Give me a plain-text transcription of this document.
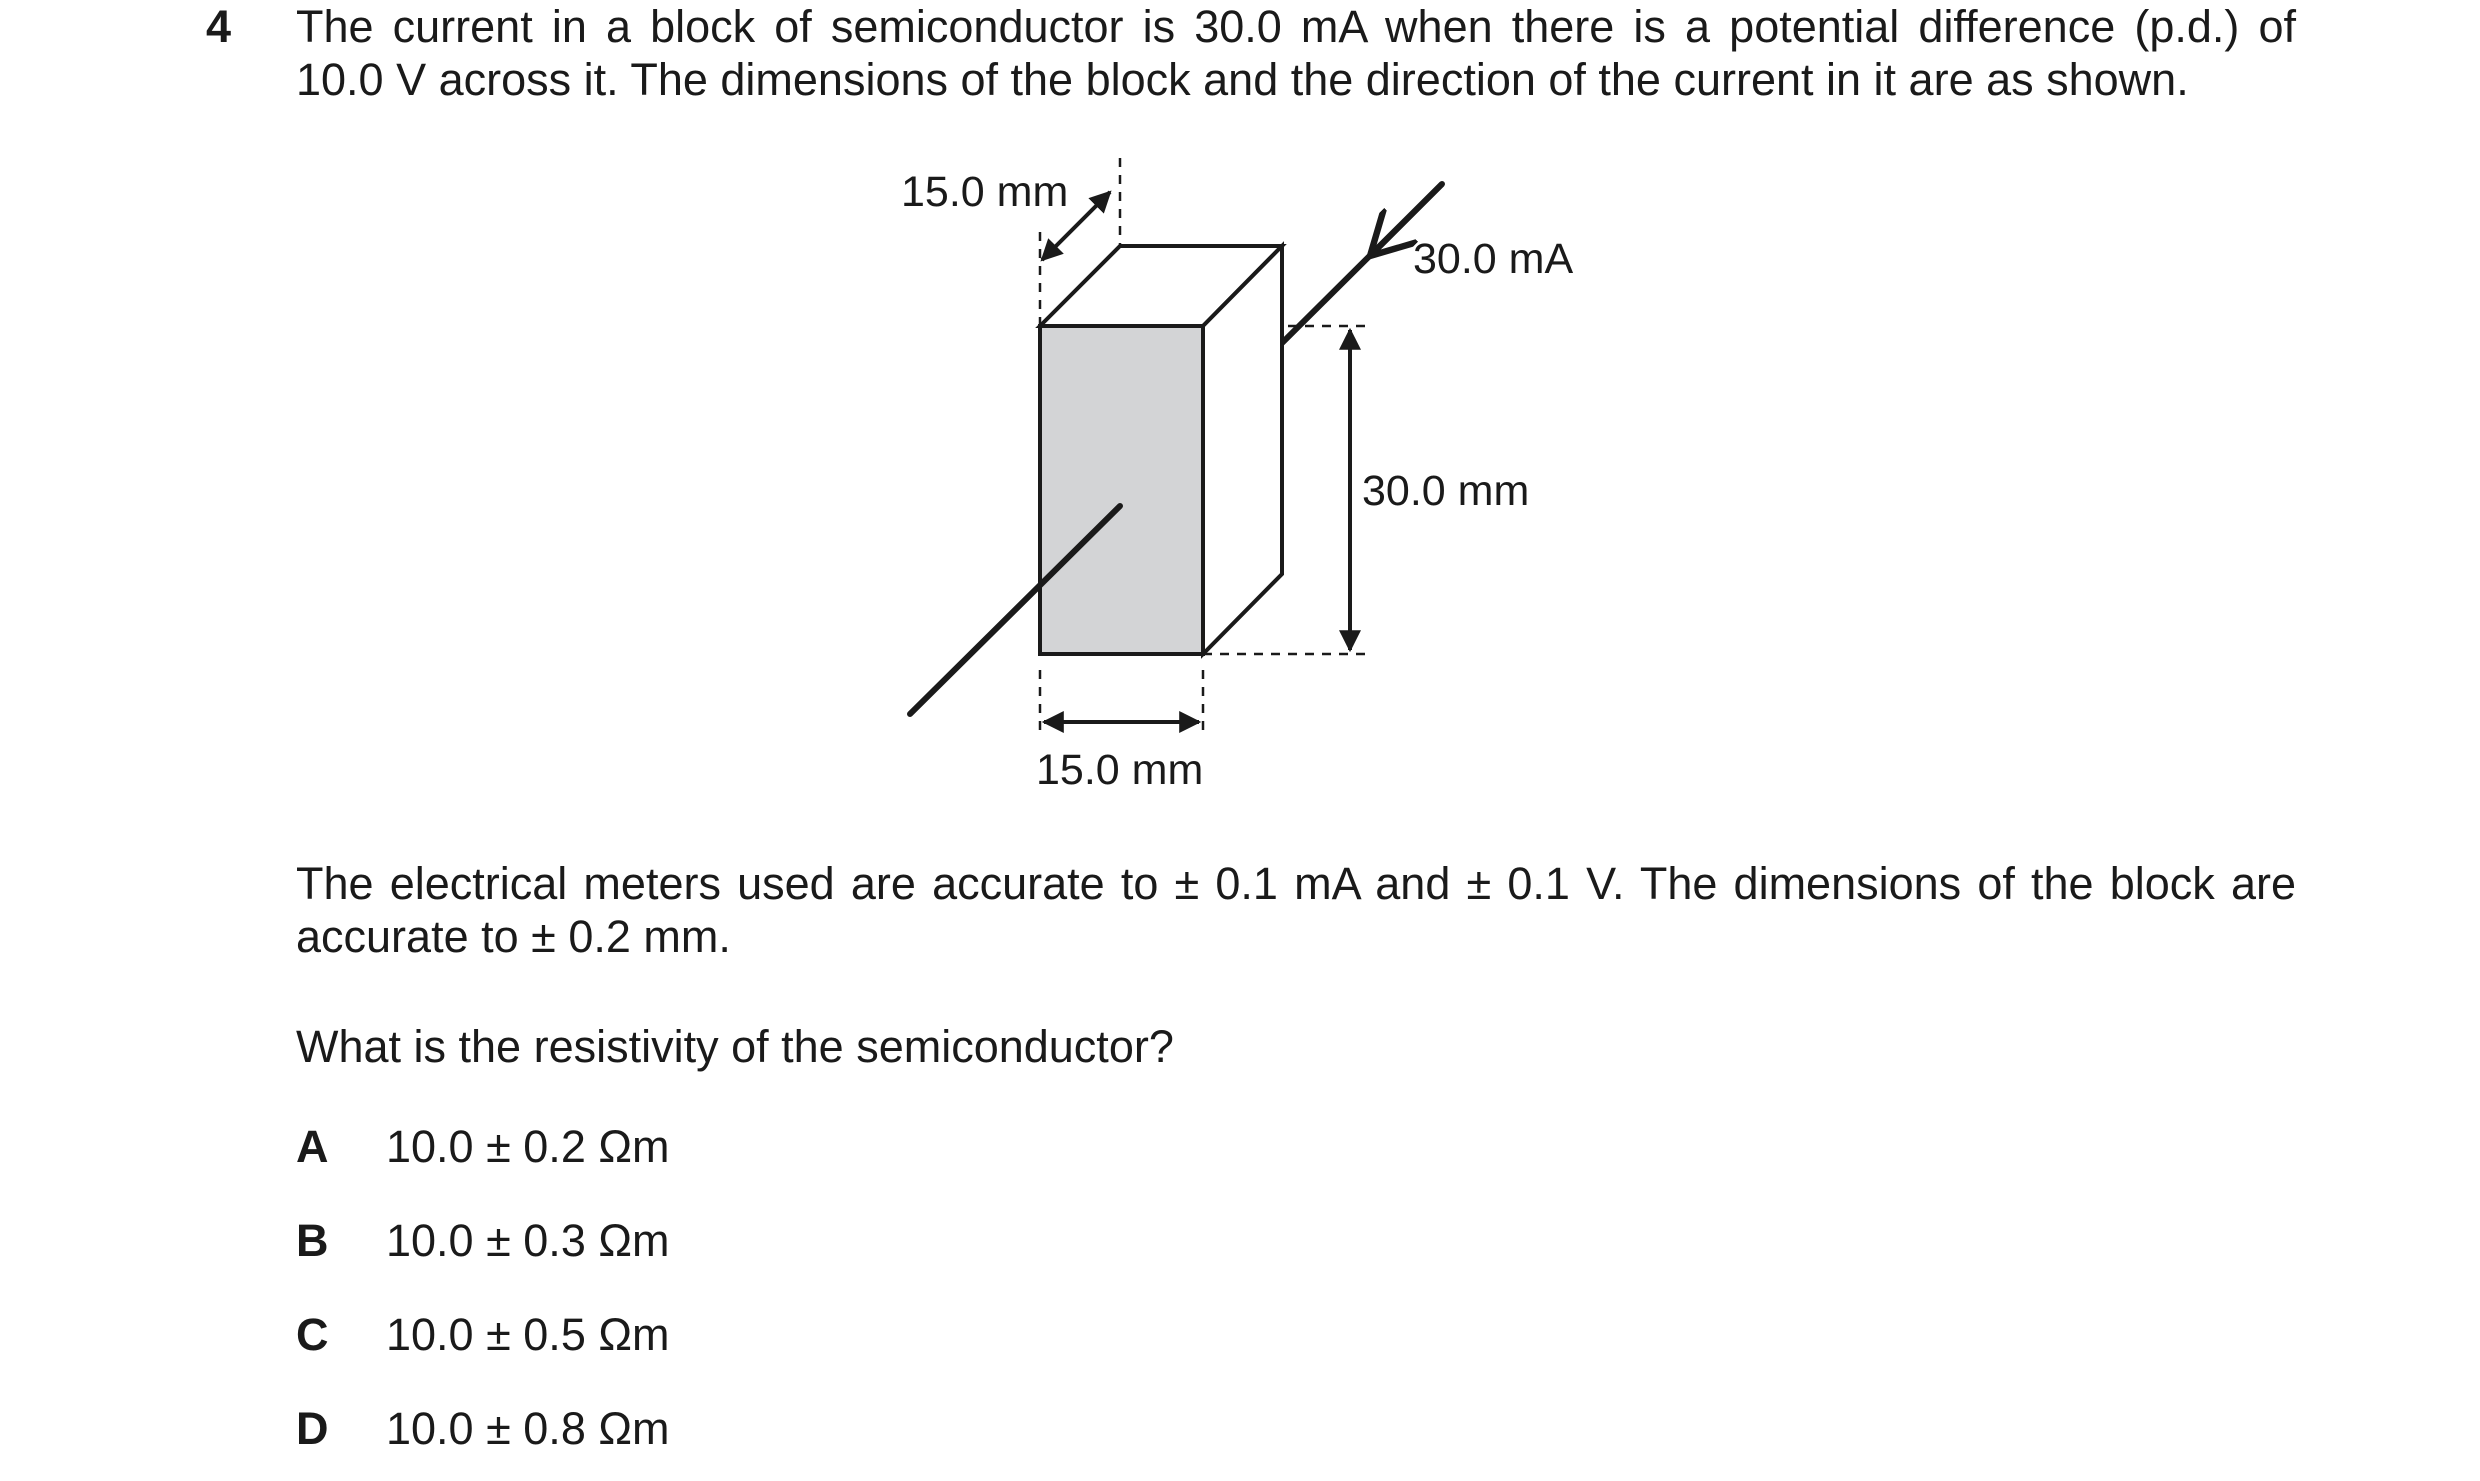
4 The current in a block of semiconductor is 30.0 mA when there is a potential difference (p.d.) of
10.0 V across it. The dimensions of the block and the direction of the current in it are as shown.
15.0 mm
30.0 mA
30.0 mm
15.0 mm
The electrical meters used are accurate to ± 0.1 mA and ± 0.1 V. The dimensions of the block are
accurate to ± 0.2 mm.
What is the resistivity of the semiconductor?
A 10.0 ± 0.2 Ωm
B 10.0 ± 0.3 Ωm
C 10.0 ± 0.5 Ωm
D 10.0 ± 0.8 Ωm
